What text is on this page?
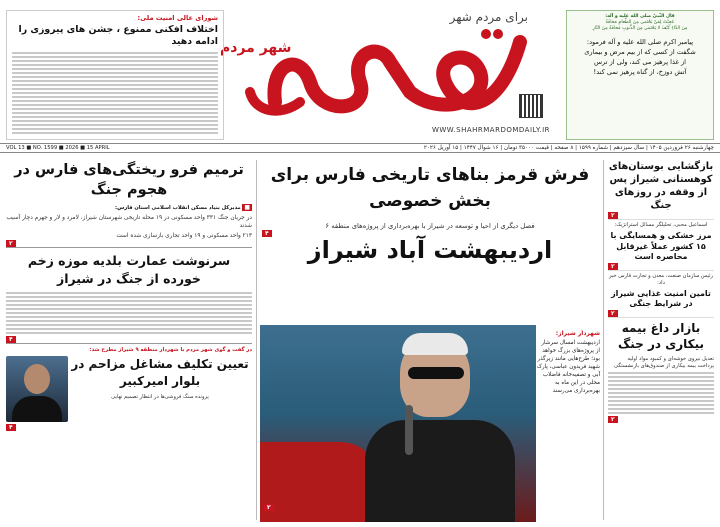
قال النّبیّ صلی الله علیه و آله:
عَجِبْتُ لِمَنْ یَحْتَمی مِنَ الطَّعامِ مَخافَةً
مِنَ الدّاءِ کَیْفَ لا یَحْتَمی مِنَ الذُّنوبِ مَخافَةً مِنَ النّارِ
پیامبر اکرم صلی الله علیه و آله فرمود:
شگفت از کسی که از بیم مرض و بیماری
از غذا پرهیز می کند، ولی از ترس
آتش دوزخ، از گناه پرهیز نمی کند!
برای مردم شهر
شهر مردم
WWW.SHAHRMARDOMDAILY.IR
شورای عالی امنیت ملی:
اختلاف افکنی ممنوع ، جشن های پیروزی را ادامه دهید
چهارشنبه ۲۶ فروردین ۱۴۰۵ | سال سیزدهم | شماره ۱۵۹۹ | ۸ صفحه | قیمت ۳۵۰۰۰ تومان | ۱۶ شوال ۱۴۴۷ | ۱۵ آوریل ۲۰۲۶
VOL 13 ■ NO. 1599 ■ 2026 ■ 15 APRIL
بازگشایی بوستان‌های کوهستانی شیراز پس از وقفه در روزهای جنگ
۲
اسماعیل محبی، تحلیلگر مسائل استراتژیک:
مرز خشکی و همسایگی با ۱۵ کشور عملاً غیرقابل محاصره است
۲
رئیس سازمان صنعت، معدن و تجارت فارس خبر داد:
تامین امنیت غذایی شیراز در شرایط جنگی
۲
بازار داغ بیمه بیکاری در جنگ
تعدیل نیروی خوشه‌ای و کمبود مواد اولیه
پرداخت بیمه بیکاری از صندوق‌های بازنشستگی
۲
فرش قرمز بناهای تاریخی فارس برای بخش خصوصی
۴
فصل دیگری از احیا و توسعه در شیراز با بهره‌برداری از پروژه‌های منطقه ۶
اردیبهشت آباد شیراز
۲
شهردار شیراز:
اردیبهشت امسال سرشار از پروژه‌های بزرگ خواهد بود؛ طرح‌هایی مانند زیرگذر شهید فریدون عباسی، پارک آبی و تصفیه‌خانه فاضلاب محلی در این ماه به بهره‌برداری می‌رسند
ترمیم فرو ریختگی‌های فارس در هجوم جنگ
■ مدیرکل بنیاد مسکن انقلاب اسلامی استان فارس:
در جریان جنگ ۳۳۱ واحد مسکونی در ۱۹ محله تاریخی شهرستان شیراز، لامرد و لار و جهرم دچار آسیب شدند
۲۱۳ واحد مسکونی و ۱۹ واحد تجاری بازسازی شده است
۲
سرنوشت عمارت بلدیه موزه زخم خورده از جنگ در شیراز
۴
در گفت و گوی شهر مردم با شهردار منطقه ۹ شیراز مطرح شد:
تعیین تکلیف مشاغل مزاحم در بلوار امیرکبیر
پرونده سنگ فروشی‌ها در انتظار تصمیم نهایی
۴
